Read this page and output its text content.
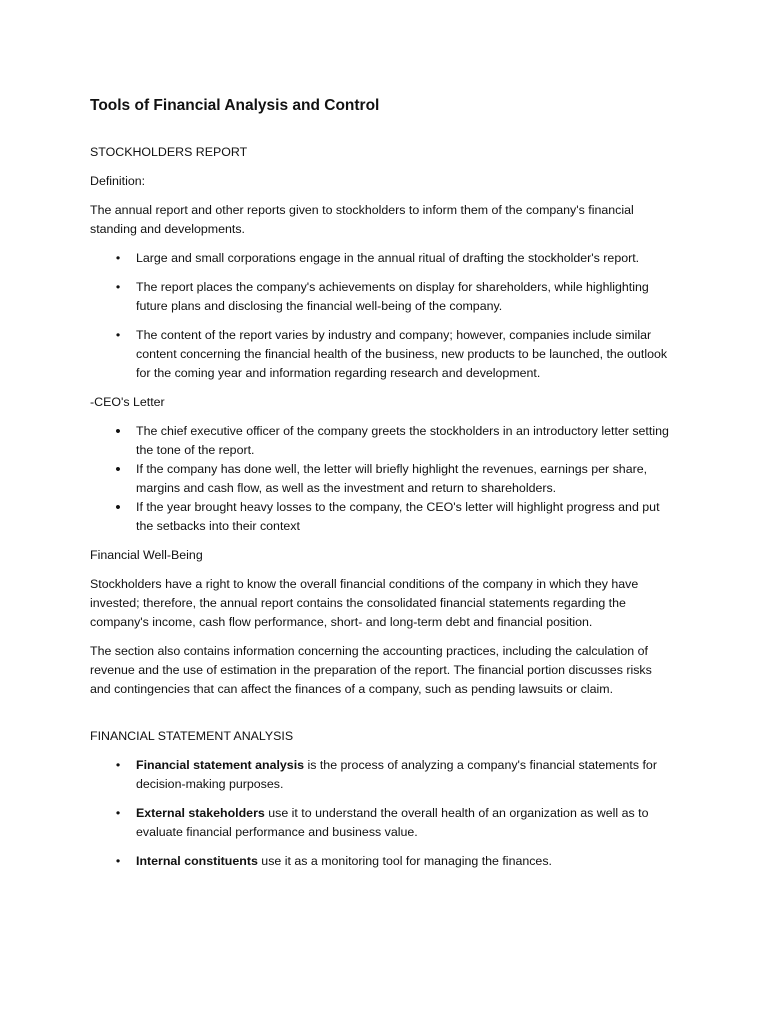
Tools of Financial Analysis and Control

STOCKHOLDERS REPORT

Definition:

The annual report and other reports given to stockholders to inform them of the company's financial standing and developments.

•	Large and small corporations engage in the annual ritual of drafting the stockholder's report.
•	The report places the company's achievements on display for shareholders, while highlighting future plans and disclosing the financial well-being of the company.
•	The content of the report varies by industry and company; however, companies include similar content concerning the financial health of the business, new products to be launched, the outlook for the coming year and information regarding research and development.

-CEO's Letter

• The chief executive officer of the company greets the stockholders in an introductory letter setting the tone of the report.
• If the company has done well, the letter will briefly highlight the revenues, earnings per share, margins and cash flow, as well as the investment and return to shareholders.
• If the year brought heavy losses to the company, the CEO's letter will highlight progress and put the setbacks into their context

Financial Well-Being

Stockholders have a right to know the overall financial conditions of the company in which they have invested; therefore, the annual report contains the consolidated financial statements regarding the company's income, cash flow performance, short- and long-term debt and financial position.

The section also contains information concerning the accounting practices, including the calculation of revenue and the use of estimation in the preparation of the report. The financial portion discusses risks and contingencies that can affect the finances of a company, such as pending lawsuits or claim.

FINANCIAL STATEMENT ANALYSIS

•	Financial statement analysis is the process of analyzing a company's financial statements for decision-making purposes.
•	External stakeholders use it to understand the overall health of an organization as well as to evaluate financial performance and business value.
•	Internal constituents use it as a monitoring tool for managing the finances.
